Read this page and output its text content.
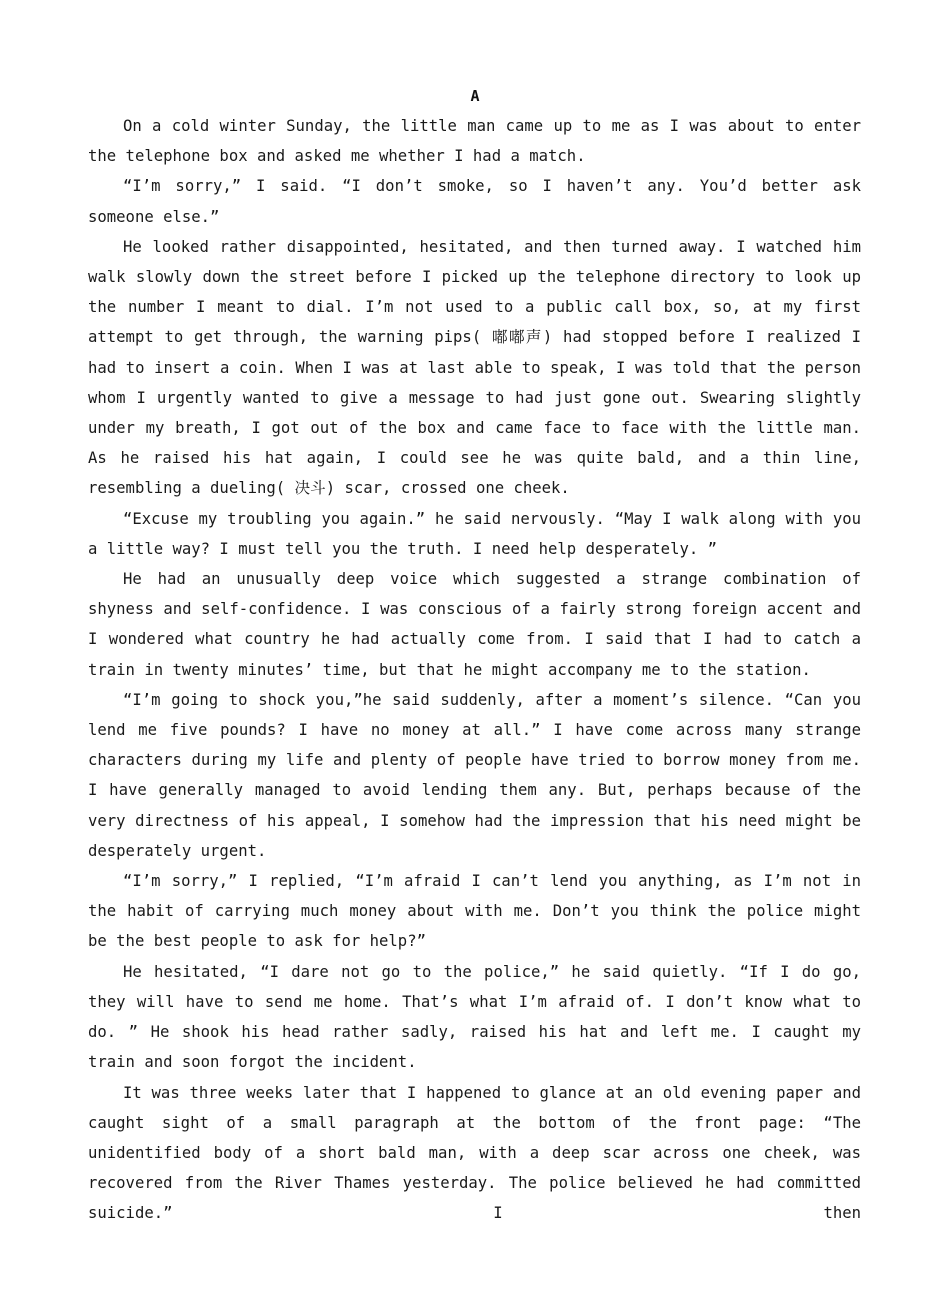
A

On a cold winter Sunday, the little man came up to me as I was about to enter the telephone box and asked me whether I had a match.

“I’m sorry,” I said. “I don’t smoke, so I haven’t any. You’d better ask someone else.”

He looked rather disappointed, hesitated, and then turned away. I watched him walk slowly down the street before I picked up the telephone directory to look up the number I meant to dial. I’m not used to a public call box, so, at my first attempt to get through, the warning pips( 嘟嘟声) had stopped before I realized I had to insert a coin. When I was at last able to speak, I was told that the person whom I urgently wanted to give a message to had just gone out. Swearing slightly under my breath, I got out of the box and came face to face with the little man. As he raised his hat again, I could see he was quite bald, and a thin line, resembling a dueling( 决斗) scar, crossed one cheek.

“Excuse my troubling you again.” he said nervously. “May I walk along with you a little way? I must tell you the truth. I need help desperately. ”

He had an unusually deep voice which suggested a strange combination of shyness and self-confidence. I was conscious of a fairly strong foreign accent and I wondered what country he had actually come from. I said that I had to catch a train in twenty minutes’ time, but that he might accompany me to the station.

“I’m going to shock you,”he said suddenly, after a moment’s silence. “Can you lend me five pounds? I have no money at all.” I have come across many strange characters during my life and plenty of people have tried to borrow money from me. I have generally managed to avoid lending them any. But, perhaps because of the very directness of his appeal, I somehow had the impression that his need might be desperately urgent.

“I’m sorry,” I replied, “I’m afraid I can’t lend you anything, as I’m not in the habit of carrying much money about with me. Don’t you think the police might be the best people to ask for help?”

He hesitated, “I dare not go to the police,” he said quietly. “If I do go, they will have to send me home. That’s what I’m afraid of. I don’t know what to do. ” He shook his head rather sadly, raised his hat and left me. I caught my train and soon forgot the incident.

It was three weeks later that I happened to glance at an old evening paper and caught sight of a small paragraph at the bottom of the front page: “The unidentified body of a short bald man, with a deep scar across one cheek, was recovered from the River Thames yesterday. The police believed he had committed suicide.” I then
